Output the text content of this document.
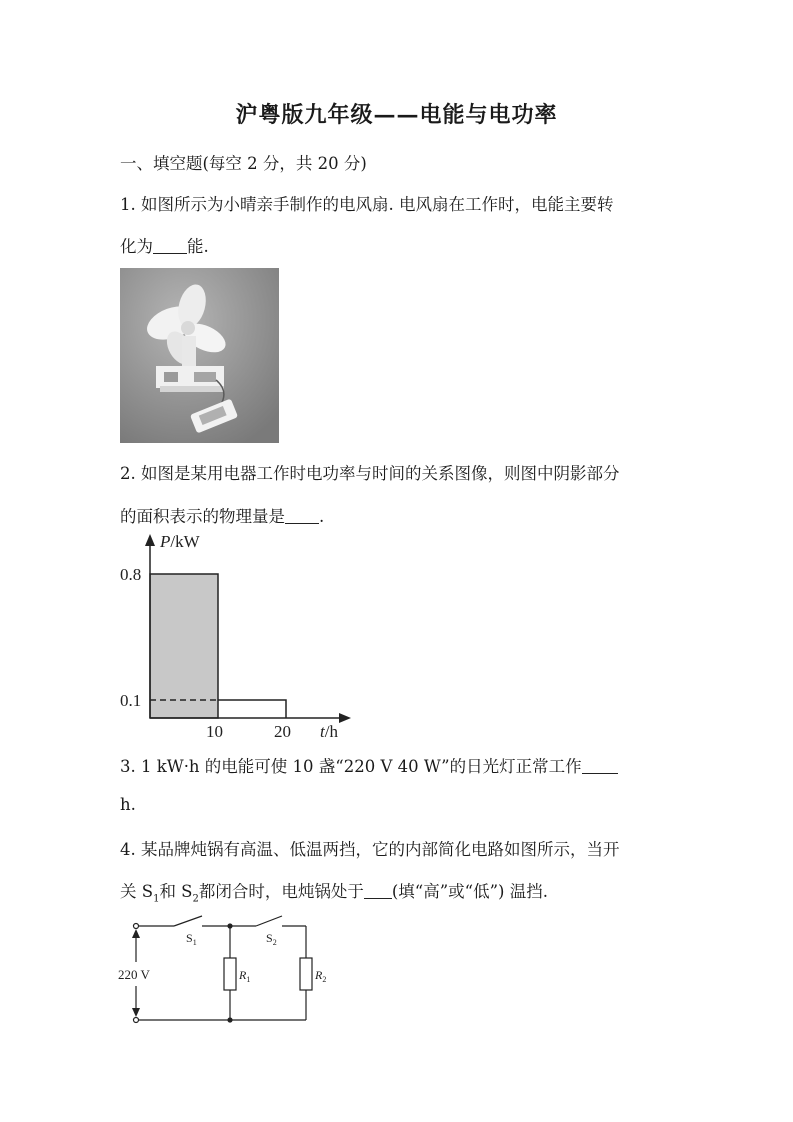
沪粤版九年级——电能与电功率
一、填空题(每空 2 分，共 20 分)
1. 如图所示为小晴亲手制作的电风扇. 电风扇在工作时，电能主要转
化为 能.
2. 如图是某用电器工作时电功率与时间的关系图像，则图中阴影部分
的面积表示的物理量是 .
P/kW
t/h
0.8
0.1
10	20
3. 1 kW·h 的电能可使 10 盏“220 V 40 W”的日光灯正常工作
h.
4. 某品牌炖锅有高温、低温两挡，它的内部简化电路如图所示，当开
关 $S_1$和 $S_2$都闭合时，电炖锅处于 (填“高”或“低”) 温挡.
220 V
$S_1$	$S_2$
$R_1$	$R_2$
